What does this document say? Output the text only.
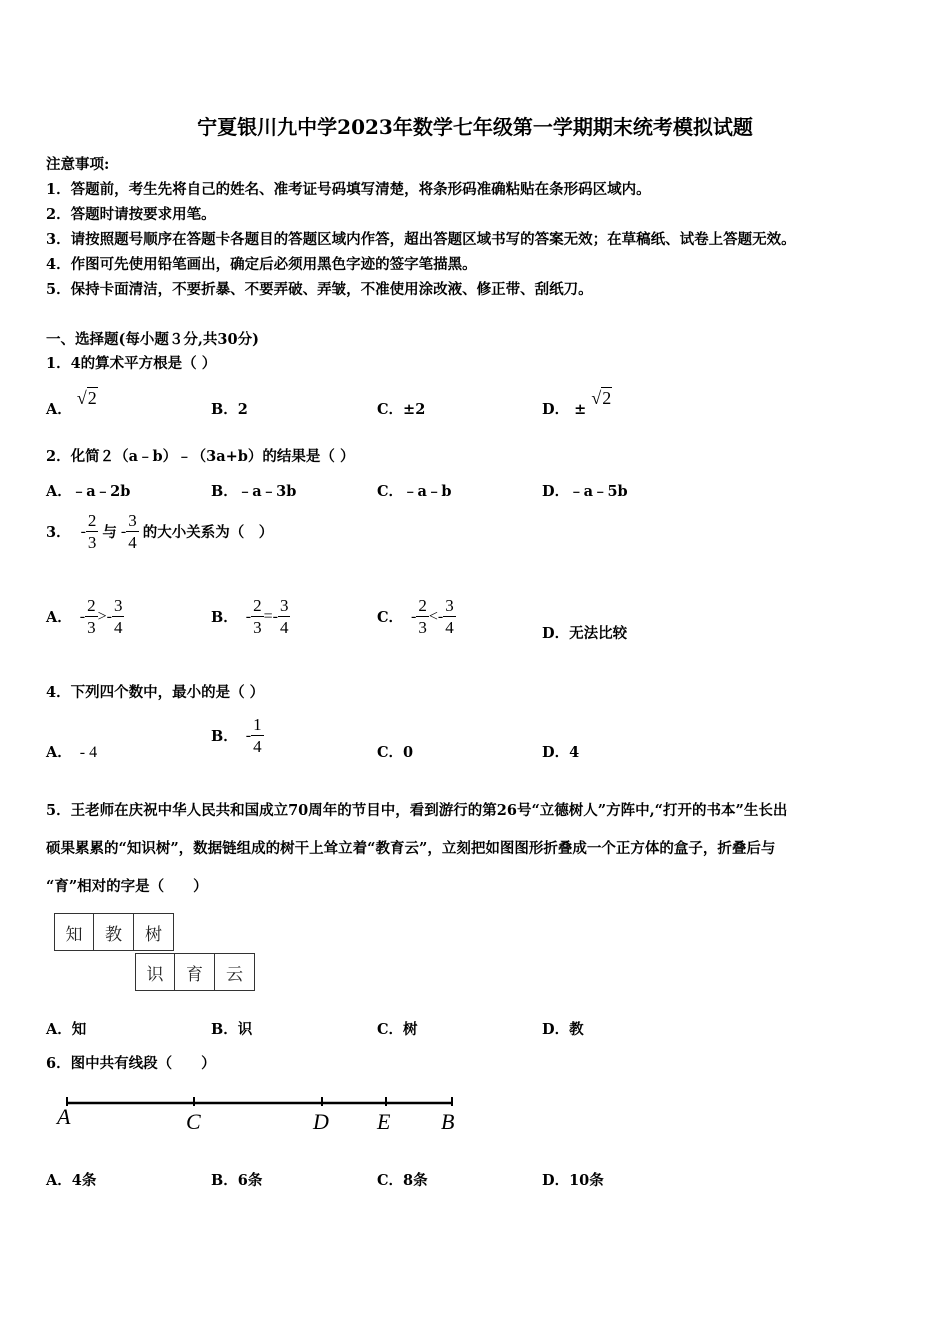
宁夏银川九中学2023年数学七年级第一学期期末统考模拟试题
注意事项:
1．答题前，考生先将自己的姓名、准考证号码填写清楚，将条形码准确粘贴在条形码区域内。
2．答题时请按要求用笔。
3．请按照题号顺序在答题卡各题目的答题区域内作答，超出答题区域书写的答案无效；在草稿纸、试卷上答题无效。
4．作图可先使用铅笔画出，确定后必须用黑色字迹的签字笔描黑。
5．保持卡面清洁，不要折暴、不要弄破、弄皱，不准使用涂改液、修正带、刮纸刀。
一、选择题(每小题３分,共30分)
1．4的算术平方根是（ ）
A． √2
B．2	C．±2	D． ± √2
2．化简２（a﹣b）﹣（3a+b）的结果是（ ）
A．﹣a﹣2b	B．﹣a﹣3b	C．﹣a﹣b	D．﹣a﹣5b
3． - $\frac{2}{3}$ 与 - $\frac{3}{4}$ 的大小关系为（　）
A． - $\frac{2}{3}$ > - $\frac{3}{4}$	B． - $\frac{2}{3}$ = - $\frac{3}{4}$	C． - $\frac{2}{3}$ < - $\frac{3}{4}$	D．无法比较
4．下列四个数中，最小的是（ ）
A． - 4
B． - $\frac{1}{4}$	C．0	D．4
5．王老师在庆祝中华人民共和国成立70周年的节目中，看到游行的第26号“立德树人”方阵中,“打开的书本”生长出
硕果累累的“知识树”，数据链组成的树干上耸立着“教育云”，立刻把如图图形折叠成一个正方体的盒子，折叠后与
“育”相对的字是（　　）
知	教	树
识	育	云
A．知	B．识	C．树	D．教
6．图中共有线段（　　）
A	C	D E B
A．4条	B．6条	C．8条	D．10条
